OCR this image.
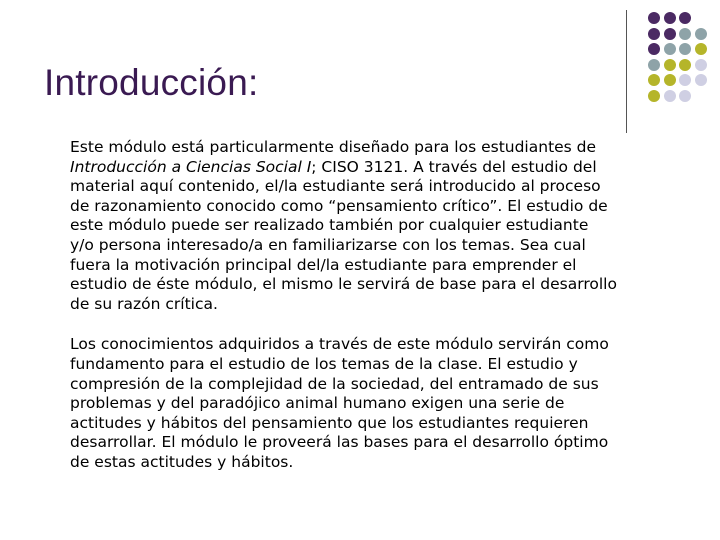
Introducción:

Este módulo está particularmente diseñado para los estudiantes de
Introducción a Ciencias Social I; CISO 3121. A través del estudio del
material aquí contenido, el/la estudiante será introducido al proceso
de razonamiento conocido como “pensamiento crítico”. El estudio de
este módulo puede ser realizado también por cualquier estudiante
y/o persona interesado/a en familiarizarse con los temas. Sea cual
fuera la motivación principal del/la estudiante para emprender el
estudio de éste módulo, el mismo le servirá de base para el desarrollo
de su razón crítica.

Los conocimientos adquiridos a través de este módulo servirán como
fundamento para el estudio de los temas de la clase. El estudio y
compresión de la complejidad de la sociedad, del entramado de sus
problemas y del paradójico animal humano exigen una serie de
actitudes y hábitos del pensamiento que los estudiantes requieren
desarrollar. El módulo le proveerá las bases para el desarrollo óptimo
de estas actitudes y hábitos.
